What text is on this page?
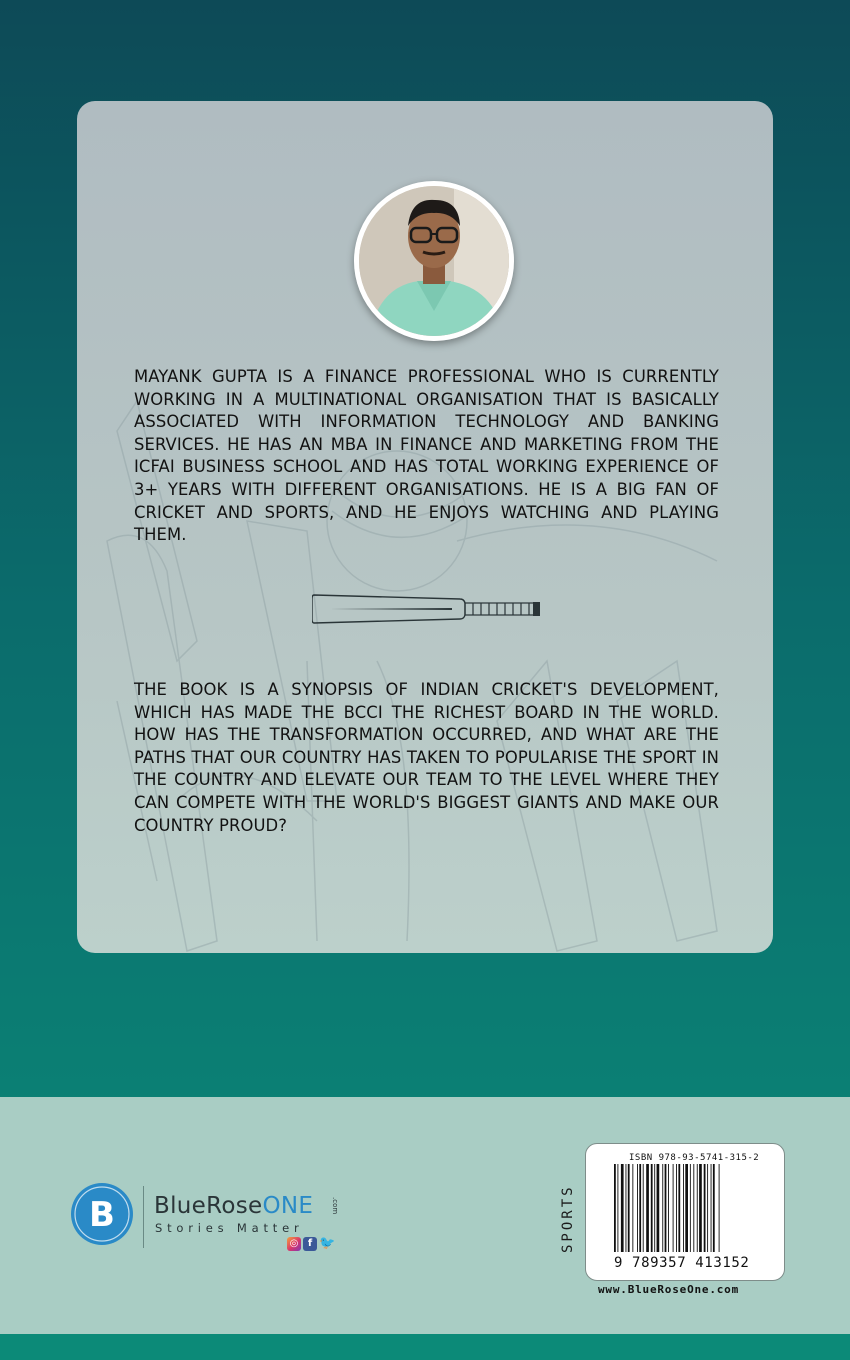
MAYANK GUPTA IS A FINANCE PROFESSIONAL WHO IS CURRENTLY WORKING IN A MULTINATIONAL ORGANISATION THAT IS BASICALLY ASSOCIATED WITH INFORMATION TECHNOLOGY AND BANKING SERVICES. HE HAS AN MBA IN FINANCE AND MARKETING FROM THE ICFAI BUSINESS SCHOOL AND HAS TOTAL WORKING EXPERIENCE OF 3+ YEARS WITH DIFFERENT ORGANISATIONS. HE IS A BIG FAN OF CRICKET AND SPORTS, AND HE ENJOYS WATCHING AND PLAYING THEM.

THE BOOK IS A SYNOPSIS OF INDIAN CRICKET'S DEVELOPMENT, WHICH HAS MADE THE BCCI THE RICHEST BOARD IN THE WORLD. HOW HAS THE TRANSFORMATION OCCURRED, AND WHAT ARE THE PATHS THAT OUR COUNTRY HAS TAKEN TO POPULARISE THE SPORT IN THE COUNTRY AND ELEVATE OUR TEAM TO THE LEVEL WHERE THEY CAN COMPETE WITH THE WORLD'S BIGGEST GIANTS AND MAKE OUR COUNTRY PROUD?

B BlueRoseONE	.com
Stories Matter
◎ f 🐦	SPORTS
ISBN 978-93-5741-315-2
9 789357 413152
www.BlueRoseOne.com
